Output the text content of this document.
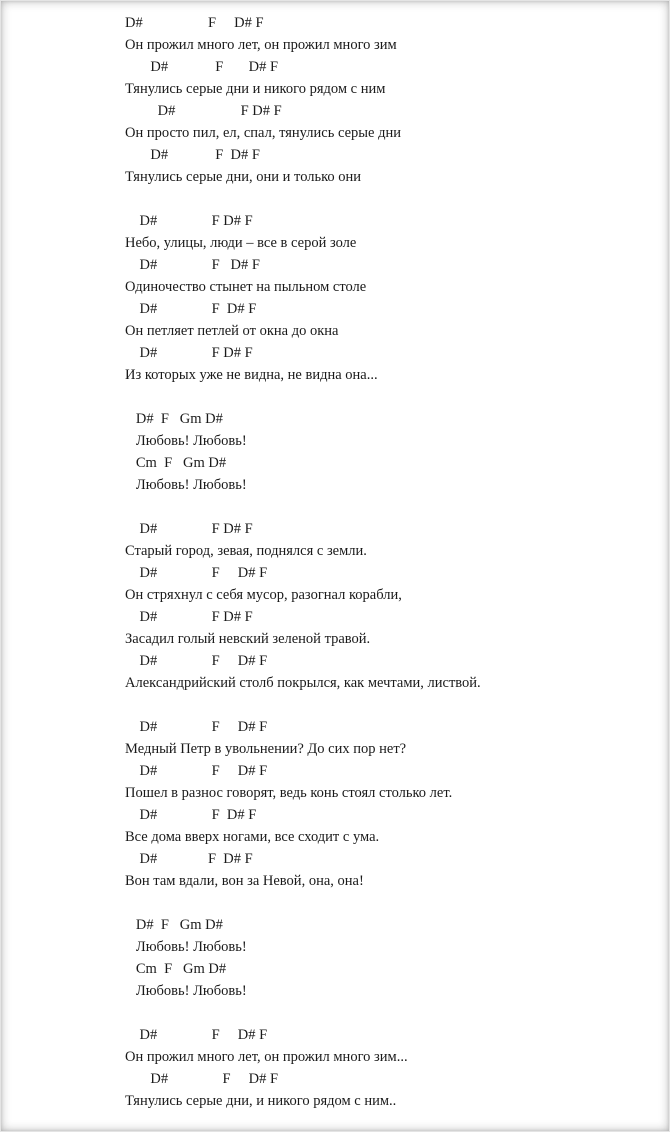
D#                  F     D# F
Он прожил много лет, он прожил много зим
D#             F       D# F
Тянулись серые дни и никого рядом с ним
D#                  F D# F
Он просто пил, ел, спал, тянулись серые дни
D#             F  D# F
Тянулись серые дни, они и только они
D#               F D# F
Небо, улицы, люди – все в серой золе
D#               F   D# F
Одиночество стынет на пыльном столе
D#               F  D# F
Он петляет петлей от окна до окна
D#               F D# F
Из которых уже не видна, не видна она...
D#  F   Gm D#
Любовь! Любовь!
Cm  F   Gm D#
Любовь! Любовь!
D#               F D# F
Старый город, зевая, поднялся с земли.
D#               F     D# F
Он стряхнул с себя мусор, разогнал корабли,
D#               F D# F
Засадил голый невский зеленой травой.
D#               F     D# F
Александрийский столб покрылся, как мечтами, листвой.
D#               F     D# F
Медный Петр в увольнении? До сих пор нет?
D#               F     D# F
Пошел в разнос говорят, ведь конь стоял столько лет.
D#               F  D# F
Все дома вверх ногами, все сходит с ума.
D#              F  D# F
Вон там вдали, вон за Невой, она, она!
D#  F   Gm D#
Любовь! Любовь!
Cm  F   Gm D#
Любовь! Любовь!
D#               F     D# F
Он прожил много лет, он прожил много зим...
D#               F     D# F
Тянулись серые дни, и никого рядом с ним..
